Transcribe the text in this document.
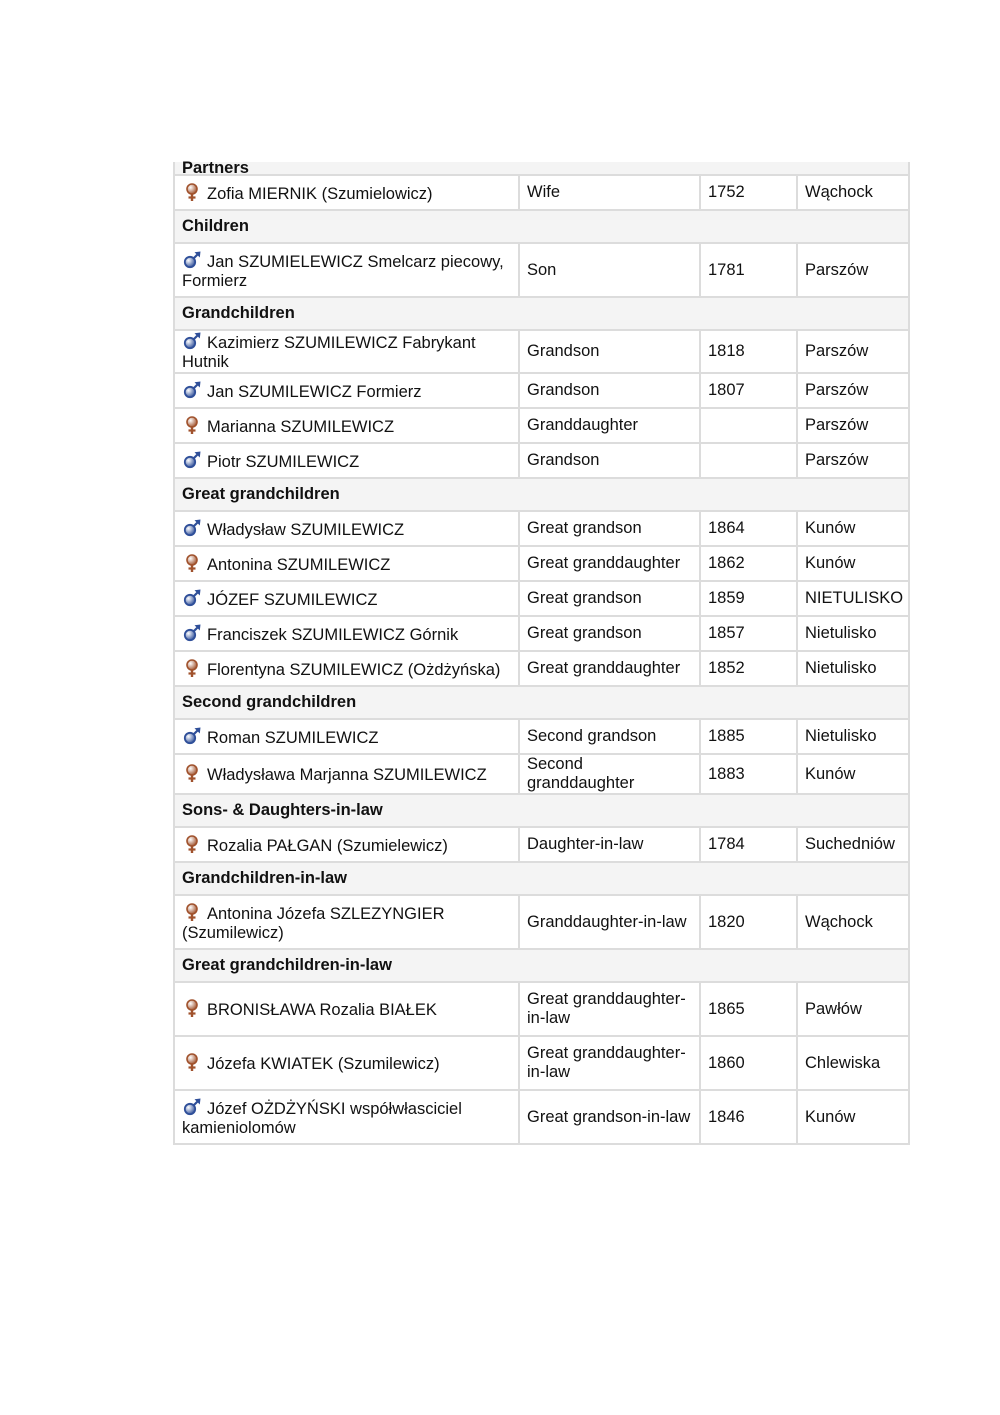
Partners			
Zofia MIERNIK (Szumielowicz)	Wife	1752	Wąchock
Children			
Jan SZUMIELEWICZ Smelcarz piecowy, Formierz	Son	1781	Parszów
Grandchildren			
Kazimierz SZUMILEWICZ Fabrykant Hutnik	Grandson	1818	Parszów
Jan SZUMILEWICZ Formierz	Grandson	1807	Parszów
Marianna SZUMILEWICZ	Granddaughter		Parszów
Piotr SZUMILEWICZ	Grandson		Parszów
Great grandchildren			
Władysław SZUMILEWICZ	Great grandson	1864	Kunów
Antonina SZUMILEWICZ	Great granddaughter	1862	Kunów
JÓZEF SZUMILEWICZ	Great grandson	1859	NIETULISKO
Franciszek SZUMILEWICZ Górnik	Great grandson	1857	Nietulisko
Florentyna SZUMILEWICZ (Ożdżyńska)	Great granddaughter	1852	Nietulisko
Second grandchildren			
Roman SZUMILEWICZ	Second grandson	1885	Nietulisko
Władysława Marjanna SZUMILEWICZ	Second granddaughter	1883	Kunów
Sons- & Daughters-in-law			
Rozalia PAŁGAN (Szumielewicz)	Daughter-in-law	1784	Suchedniów
Grandchildren-in-law			
Antonina Józefa SZLEZYNGIER (Szumilewicz)	Granddaughter-in-law	1820	Wąchock
Great grandchildren-in-law			
BRONISŁAWA Rozalia BIAŁEK	Great granddaughter-in-law	1865	Pawłów
Józefa KWIATEK (Szumilewicz)	Great granddaughter-in-law	1860	Chlewiska
Józef OŻDŻYŃSKI współwłasciciel kamieniolomów	Great grandson-in-law	1846	Kunów
